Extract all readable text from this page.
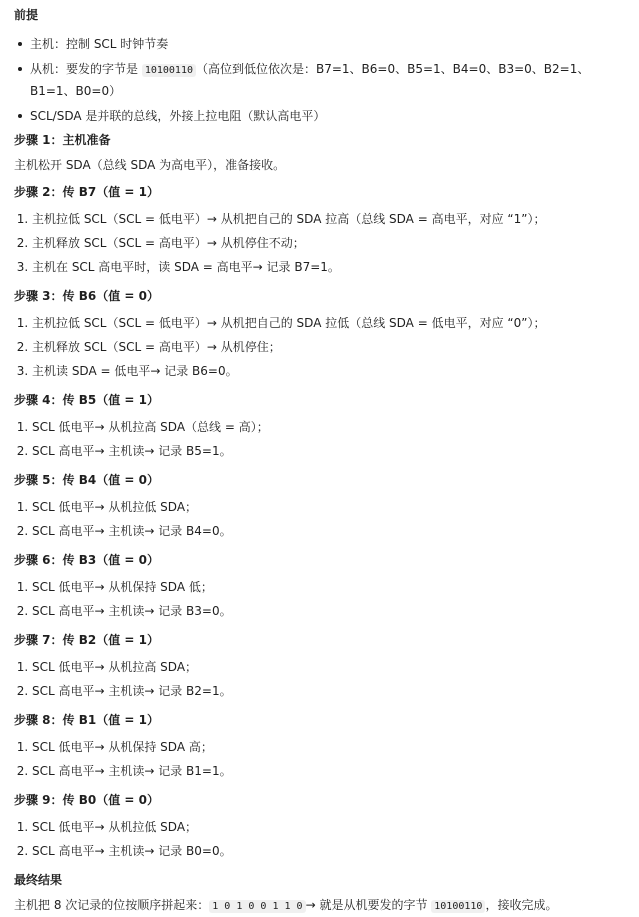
前提
主机：控制 SCL 时钟节奏
从机：要发的字节是 10100110 （高位到低位依次是：B7=1、B6=0、B5=1、B4=0、B3=0、B2=1、B1=1、B0=0）
SCL/SDA 是并联的总线，外接上拉电阻（默认高电平）
步骤 1：主机准备

主机松开 SDA（总线 SDA 为高电平），准备接收。

步骤 2：传 B7（值 = 1）
1. 主机拉低 SCL（SCL = 低电平）→ 从机把自己的 SDA 拉高（总线 SDA = 高电平，对应 “1”）；
2. 主机释放 SCL（SCL = 高电平）→ 从机停住不动；
3. 主机在 SCL 高电平时，读 SDA = 高电平→ 记录 B7=1。
步骤 3：传 B6（值 = 0）
1. 主机拉低 SCL（SCL = 低电平）→ 从机把自己的 SDA 拉低（总线 SDA = 低电平，对应 “0”）；
2. 主机释放 SCL（SCL = 高电平）→ 从机停住；
3. 主机读 SDA = 低电平→ 记录 B6=0。
步骤 4：传 B5（值 = 1）
1. SCL 低电平→ 从机拉高 SDA（总线 = 高）；
2. SCL 高电平→ 主机读→ 记录 B5=1。
步骤 5：传 B4（值 = 0）
1. SCL 低电平→ 从机拉低 SDA；
2. SCL 高电平→ 主机读→ 记录 B4=0。
步骤 6：传 B3（值 = 0）
1. SCL 低电平→ 从机保持 SDA 低；
2. SCL 高电平→ 主机读→ 记录 B3=0。
步骤 7：传 B2（值 = 1）
1. SCL 低电平→ 从机拉高 SDA；
2. SCL 高电平→ 主机读→ 记录 B2=1。
步骤 8：传 B1（值 = 1）
1. SCL 低电平→ 从机保持 SDA 高；
2. SCL 高电平→ 主机读→ 记录 B1=1。
步骤 9：传 B0（值 = 0）
1. SCL 低电平→ 从机拉低 SDA；
2. SCL 高电平→ 主机读→ 记录 B0=0。
最终结果

主机把 8 次记录的位按顺序拼起来： 1 0 1 0 0 1 1 0 → 就是从机要发的字节 10100110 ，接收完成。
